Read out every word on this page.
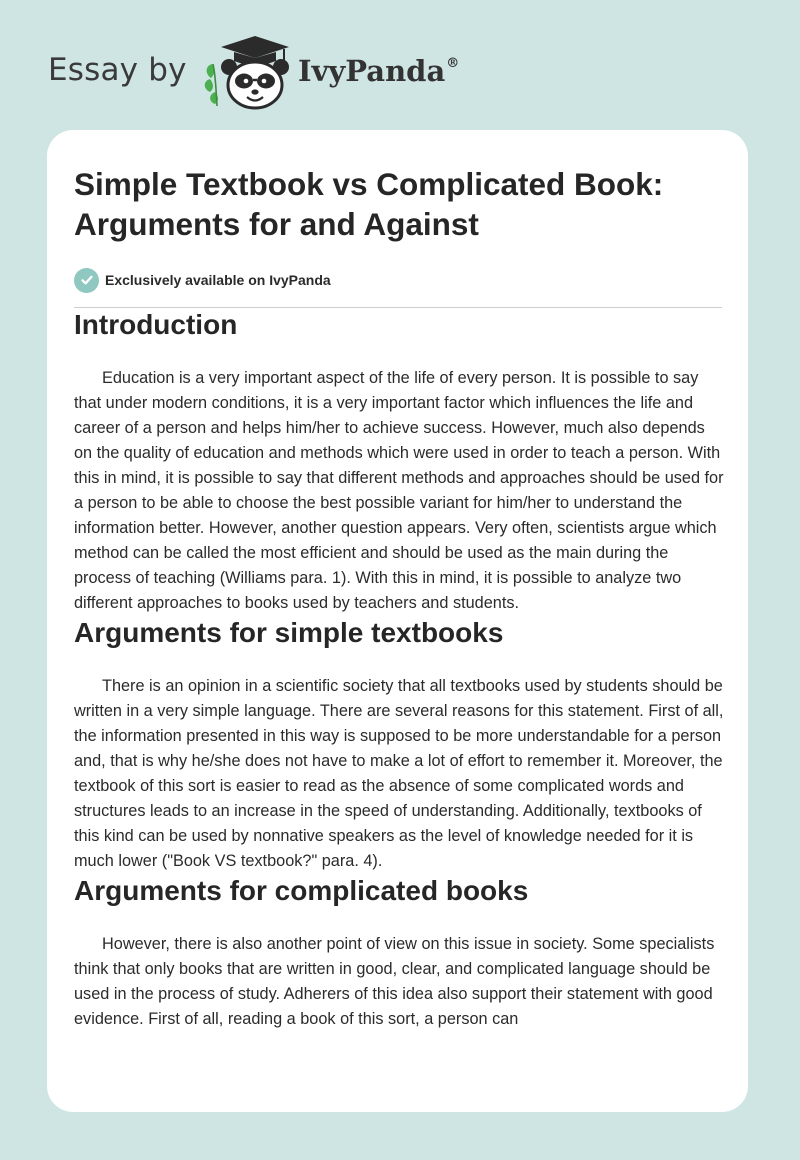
Essay by	IvyPanda®
Simple Textbook vs Complicated Book: Arguments for and Against
Exclusively available on IvyPanda
Introduction

Education is a very important aspect of the life of every person. It is possible to say that under modern conditions, it is a very important factor which influences the life and career of a person and helps him/her to achieve success. However, much also depends on the quality of education and methods which were used in order to teach a person. With this in mind, it is possible to say that different methods and approaches should be used for a person to be able to choose the best possible variant for him/her to understand the information better. However, another question appears. Very often, scientists argue which method can be called the most efficient and should be used as the main during the process of teaching (Williams para. 1). With this in mind, it is possible to analyze two different approaches to books used by teachers and students.

Arguments for simple textbooks

There is an opinion in a scientific society that all textbooks used by students should be written in a very simple language. There are several reasons for this statement. First of all, the information presented in this way is supposed to be more understandable for a person and, that is why he/she does not have to make a lot of effort to remember it. Moreover, the textbook of this sort is easier to read as the absence of some complicated words and structures leads to an increase in the speed of understanding. Additionally, textbooks of this kind can be used by nonnative speakers as the level of knowledge needed for it is much lower ("Book VS textbook?" para. 4).

Arguments for complicated books

However, there is also another point of view on this issue in society. Some specialists think that only books that are written in good, clear, and complicated language should be used in the process of study. Adherers of this idea also support their statement with good evidence. First of all, reading a book of this sort, a person can
